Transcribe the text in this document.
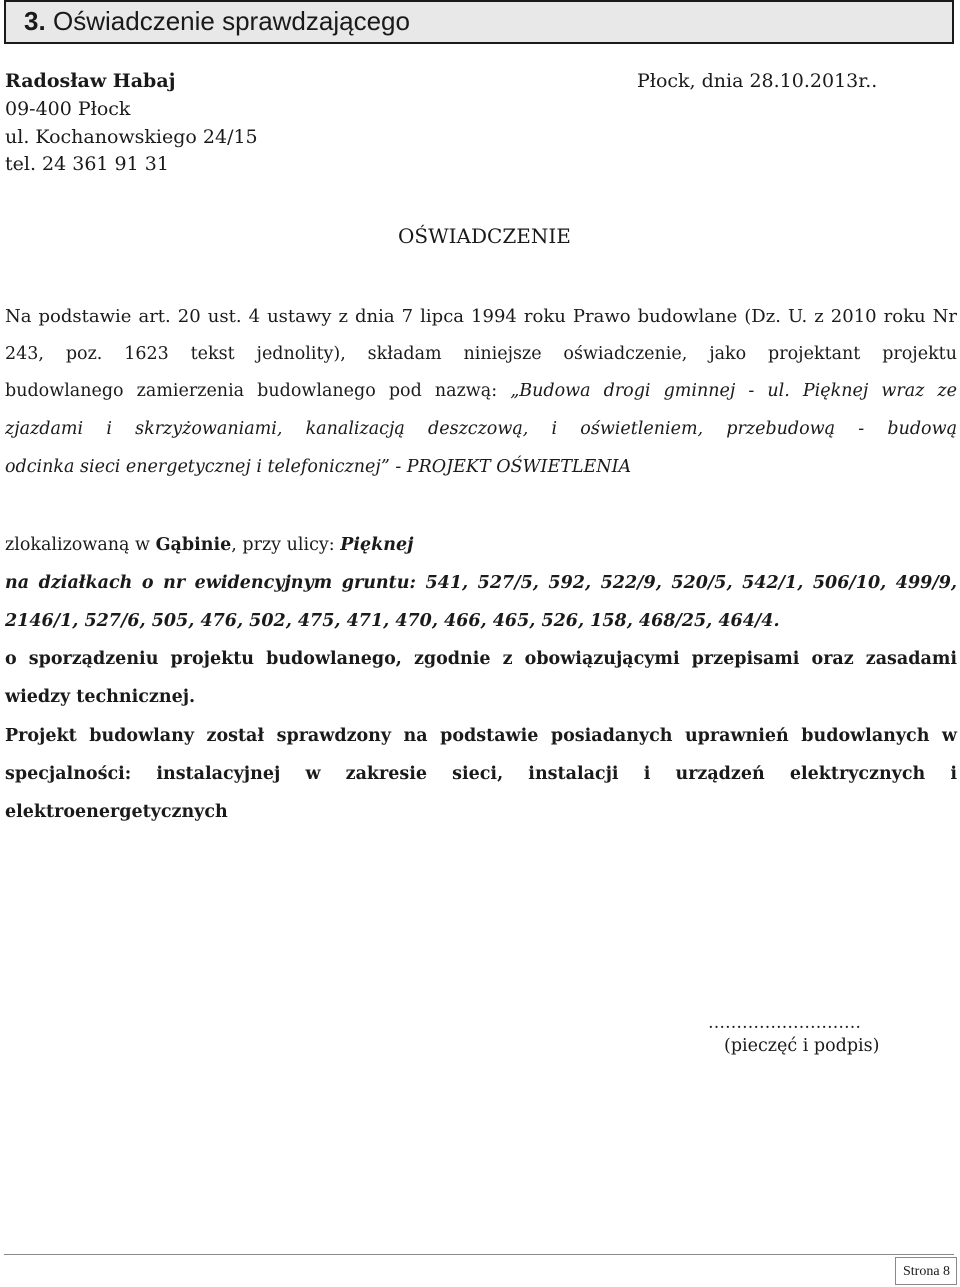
3. Oświadczenie sprawdzającego
Radosław Habaj
09-400 Płock
ul. Kochanowskiego 24/15
tel. 24 361 91 31
Płock, dnia 28.10.2013r..
OŚWIADCZENIE
Na podstawie art. 20 ust. 4 ustawy z dnia 7 lipca 1994 roku Prawo budowlane (Dz. U. z 2010 roku Nr
243, poz. 1623 tekst jednolity), składam niniejsze oświadczenie, jako projektant projektu
budowlanego zamierzenia budowlanego pod nazwą: „Budowa drogi gminnej - ul. Pięknej wraz ze
zjazdami i skrzyżowaniami, kanalizacją deszczową, i oświetleniem, przebudową - budową
odcinka sieci energetycznej i telefonicznej” - PROJEKT OŚWIETLENIA
zlokalizowaną w Gąbinie, przy ulicy: Pięknej
na działkach o nr ewidencyjnym gruntu: 541, 527/5, 592, 522/9, 520/5, 542/1, 506/10, 499/9,
2146/1, 527/6, 505, 476, 502, 475, 471, 470, 466, 465, 526, 158, 468/25, 464/4.
o sporządzeniu projektu budowlanego, zgodnie z obowiązującymi przepisami oraz zasadami
wiedzy technicznej.
Projekt budowlany został sprawdzony na podstawie posiadanych uprawnień budowlanych w
specjalności: instalacyjnej w zakresie sieci, instalacji i urządzeń elektrycznych i
elektroenergetycznych
………………………
(pieczęć i podpis)
Strona 8
